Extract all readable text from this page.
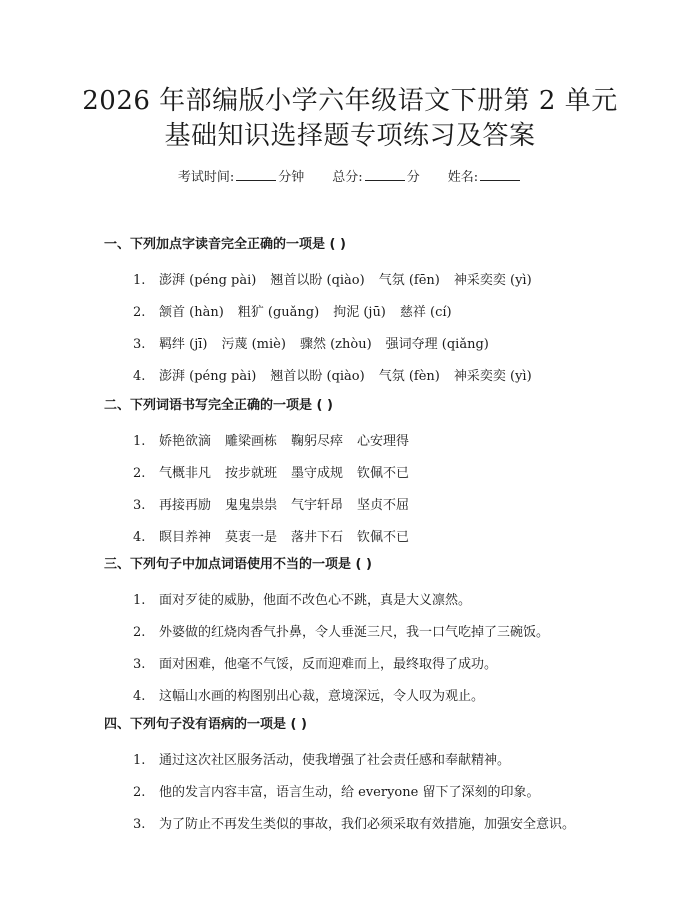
2026 年部编版小学六年级语文下册第 2 单元
基础知识选择题专项练习及答案
考试时间:	分钟 总分:	分 姓名:
一、下列加点字读音完全正确的一项是 ( )
1. 澎湃 (péng pài) 翘首以盼 (qiào) 气氛 (fēn) 神采奕奕 (yì)
2. 颔首 (hàn) 粗犷 (guǎng) 拘泥 (jū) 慈祥 (cí)
3. 羁绊 (jī) 污蔑 (miè) 骤然 (zhòu) 强词夺理 (qiǎng)
4. 澎湃 (péng pài) 翘首以盼 (qiào) 气氛 (fèn) 神采奕奕 (yì)
二、下列词语书写完全正确的一项是 ( )
1. 娇艳欲滴 雕梁画栋 鞠躬尽瘁 心安理得
2. 气概非凡 按步就班 墨守成规 钦佩不已
3. 再接再励 鬼鬼祟祟 气宇轩昂 坚贞不屈
4. 瞑目养神 莫衷一是 落井下石 钦佩不已
三、下列句子中加点词语使用不当的一项是 ( )
1. 面对歹徒的威胁，他面不改色心不跳，真是大义凛然。
2. 外婆做的红烧肉香气扑鼻，令人垂涎三尺，我一口气吃掉了三碗饭。
3. 面对困难，他毫不气馁，反而迎难而上，最终取得了成功。
4. 这幅山水画的构图别出心裁，意境深远，令人叹为观止。
四、下列句子没有语病的一项是 ( )
1. 通过这次社区服务活动，使我增强了社会责任感和奉献精神。
2. 他的发言内容丰富，语言生动，给 everyone 留下了深刻的印象。
3. 为了防止不再发生类似的事故，我们必须采取有效措施，加强安全意识。
